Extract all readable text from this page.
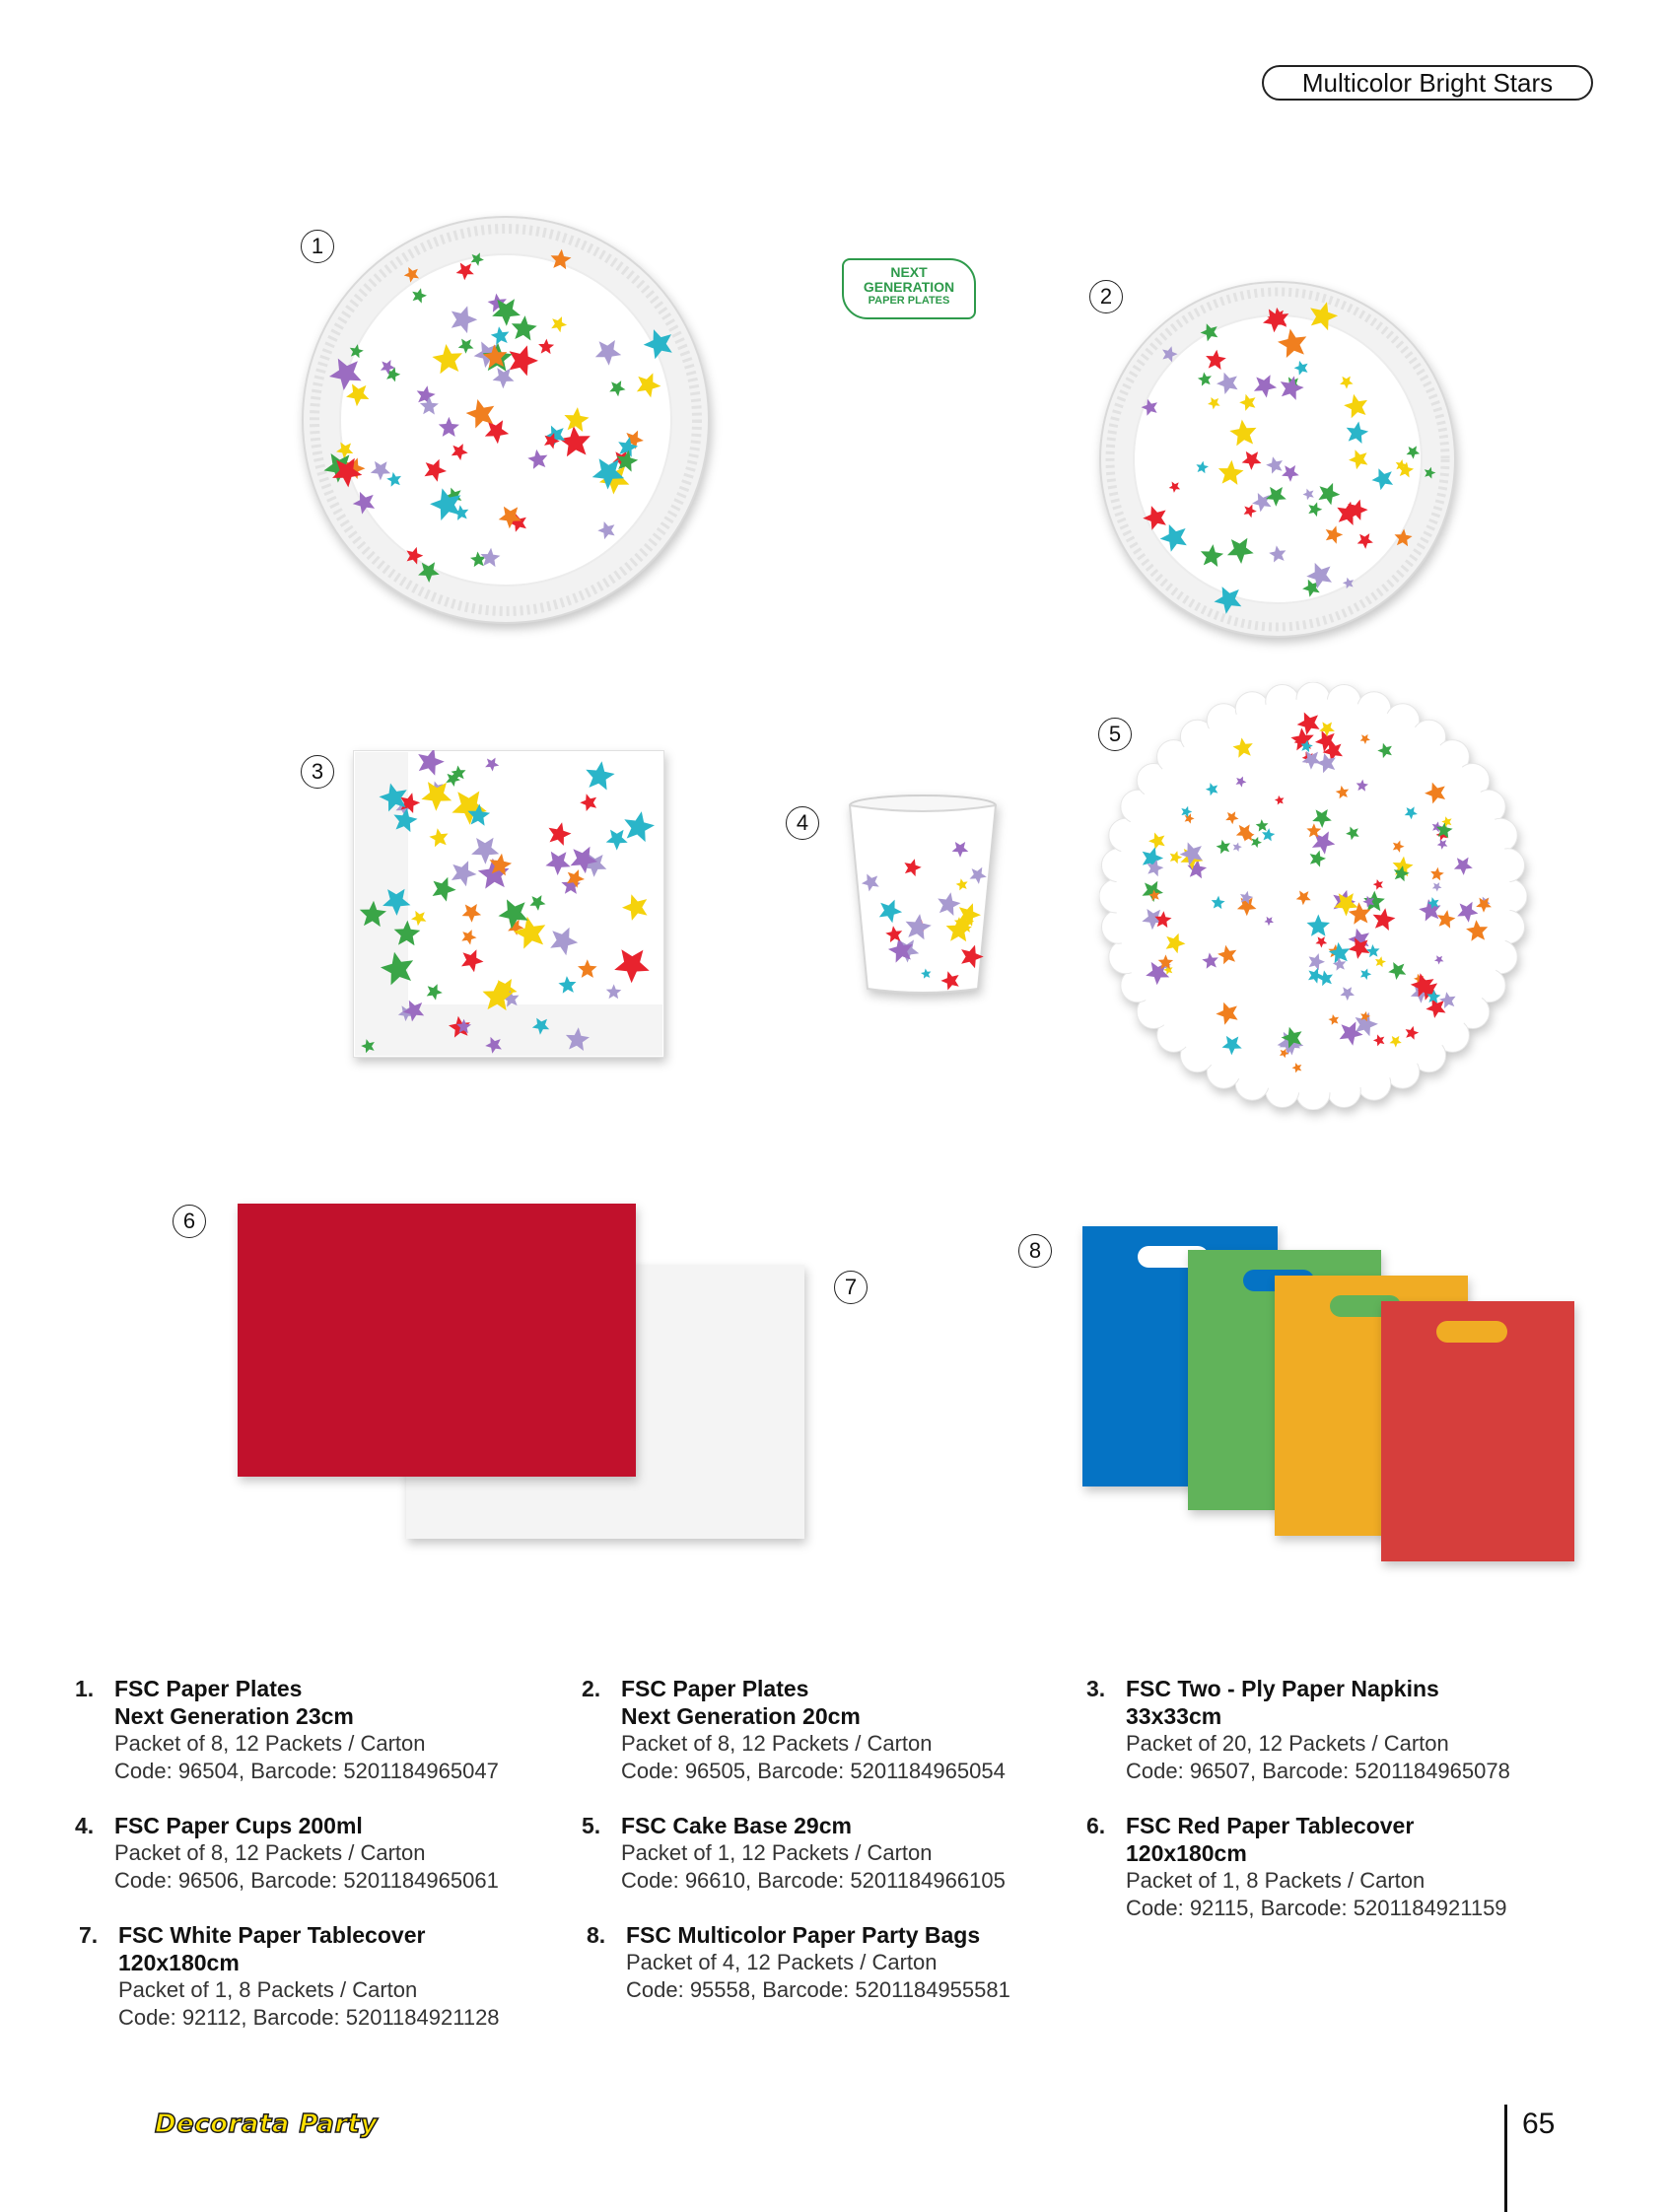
Multicolor Bright Stars
NEXT
GENERATION
PAPER PLATES
1
2
3
4
5
6
7
8
1. FSC Paper Plates
Next Generation 23cm
Packet of 8, 12 Packets / Carton
Code: 96504, Barcode: 5201184965047
2. FSC Paper Plates
Next Generation 20cm
Packet of 8, 12 Packets / Carton
Code: 96505, Barcode: 5201184965054
3. FSC Two - Ply Paper Napkins
33x33cm
Packet of 20, 12 Packets / Carton
Code: 96507, Barcode: 5201184965078
4. FSC Paper Cups 200ml
Packet of 8, 12 Packets / Carton
Code: 96506, Barcode: 5201184965061
5. FSC Cake Base 29cm
Packet of 1, 12 Packets / Carton
Code: 96610, Barcode: 5201184966105
6. FSC Red Paper Tablecover
120x180cm
Packet of 1, 8 Packets / Carton
Code: 92115, Barcode: 5201184921159
7. FSC White Paper Tablecover
120x180cm
Packet of 1, 8 Packets / Carton
Code: 92112, Barcode: 5201184921128
8. FSC Multicolor Paper Party Bags
Packet of 4, 12 Packets / Carton
Code: 95558, Barcode: 5201184955581
Decorata Party	65
